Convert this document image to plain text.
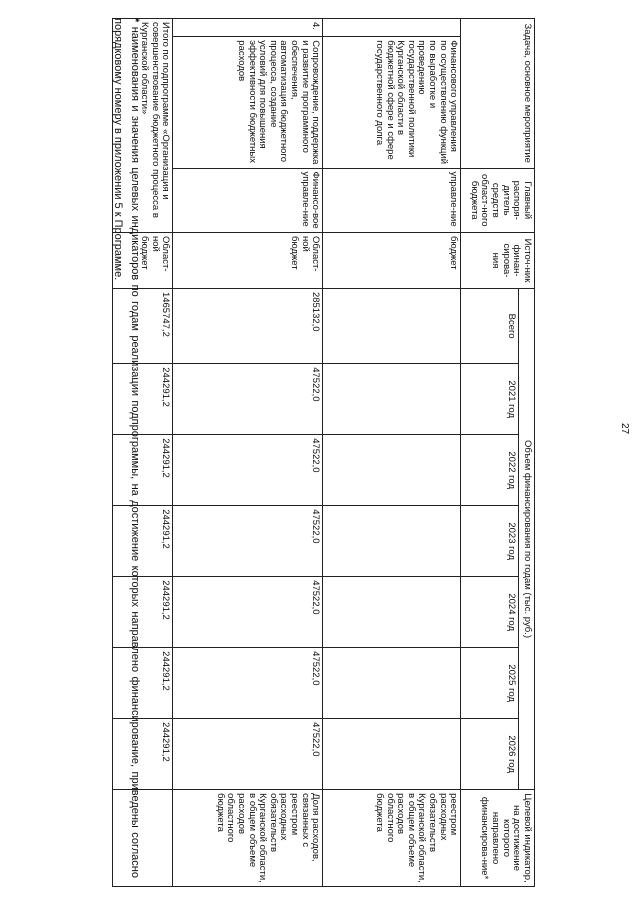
27
Задача, основное мероприятие		Главный распоря-дитель средств област-ного бюджета	Источ-ник финан-сирова-ния	Объем финансирования по годам (тыс. руб.)							Целевой индикатор, на достижение которого направлено финансирова-ние*
				Всего	2021 год	2022 год	2023 год	2024 год	2025 год	2026 год	
	Финансового управления по осуществлению функций по выработке и проведению государственной политики Курганской области в бюджетной сфере и сфере государственного долга	управле-ние	бюджет								реестром расходных обязательств Курганской области, в общем объеме расходов областного бюджета
4.	Сопровождение, поддержка и развитие программного обеспечения, автоматизация бюджетного процесса, создание условий для повышения эффективности бюджетных расходов	Финансо-вое управле-ние	Област-ной бюджет	285132,0	47522,0	47522,0	47522,0	47522,0	47522,0	47522,0	Доля расходов, связанных с реестром расходных обязательств Курганской области, в общем объеме расходов областного бюджета
Итого по подпрограмме «Организация и совершенствование бюджетного процесса в Курганской области»			Област-ной бюджет	1465747,2	244291,2	244291,2	244291,2	244291,2	244291,2	244291,2	
* наименования и значения целевых индикаторов по годам реализации подпрограммы, на достижение которых направлено финансирование, приведены согласно порядковому номеру в приложении 5 к Программе.
